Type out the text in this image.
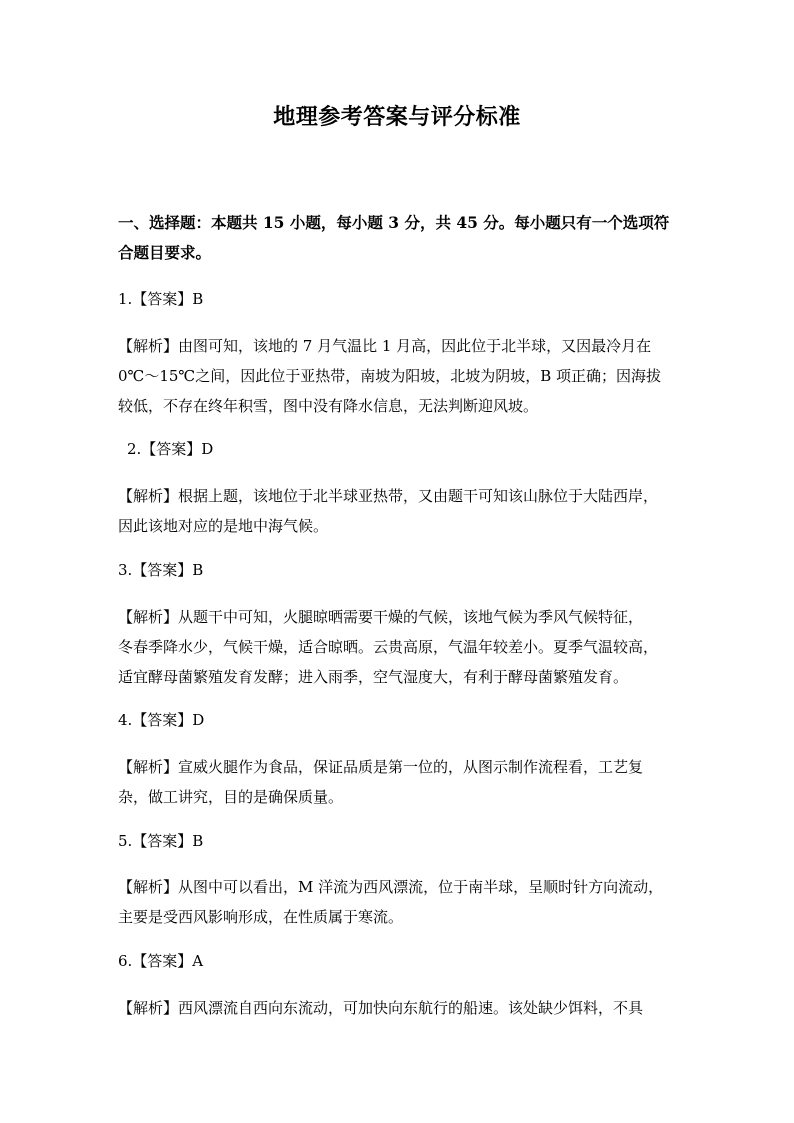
地理参考答案与评分标准
一、选择题：本题共 15 小题，每小题 3 分，共 45 分。每小题只有一个选项符合题目要求。
1.【答案】B
【解析】由图可知，该地的 7 月气温比 1 月高，因此位于北半球，又因最冷月在
0℃～15℃之间，因此位于亚热带，南坡为阳坡，北坡为阴坡，B 项正确；因海拔
较低，不存在终年积雪，图中没有降水信息，无法判断迎风坡。
2.【答案】D
【解析】根据上题，该地位于北半球亚热带，又由题干可知该山脉位于大陆西岸，
因此该地对应的是地中海气候。
3.【答案】B
【解析】从题干中可知，火腿晾晒需要干燥的气候，该地气候为季风气候特征，
冬春季降水少，气候干燥，适合晾晒。云贵高原，气温年较差小。夏季气温较高，
适宜酵母菌繁殖发育发酵；进入雨季，空气湿度大，有利于酵母菌繁殖发育。
4.【答案】D
【解析】宣威火腿作为食品，保证品质是第一位的，从图示制作流程看，工艺复
杂，做工讲究，目的是确保质量。
5.【答案】B
【解析】从图中可以看出，M 洋流为西风漂流，位于南半球，呈顺时针方向流动，
主要是受西风影响形成，在性质属于寒流。
6.【答案】A
【解析】西风漂流自西向东流动，可加快向东航行的船速。该处缺少饵料，不具
